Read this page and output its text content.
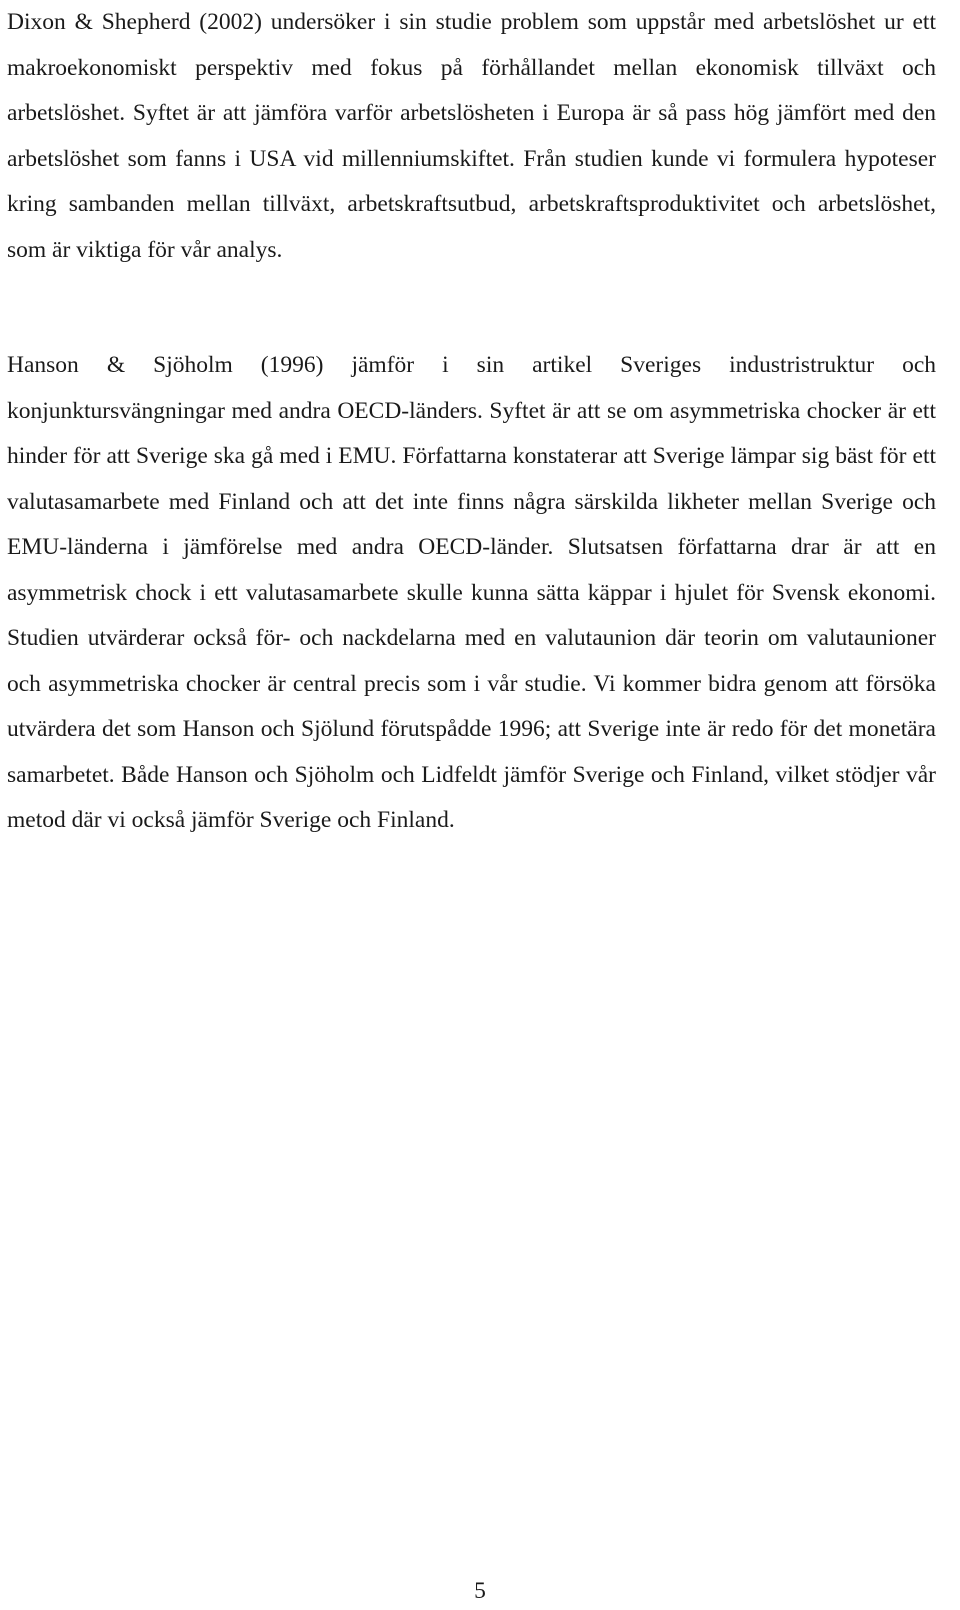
Dixon & Shepherd (2002) undersöker i sin studie problem som uppstår med arbetslöshet ur ett makroekonomiskt perspektiv med fokus på förhållandet mellan ekonomisk tillväxt och arbetslöshet. Syftet är att jämföra varför arbetslösheten i Europa är så pass hög jämfört med den arbetslöshet som fanns i USA vid millenniumskiftet. Från studien kunde vi formulera hypoteser kring sambanden mellan tillväxt, arbetskraftsutbud, arbetskraftsproduktivitet och arbetslöshet, som är viktiga för vår analys.

Hanson & Sjöholm (1996) jämför i sin artikel Sveriges industristruktur och konjunktursvängningar med andra OECD-länders. Syftet är att se om asymmetriska chocker är ett hinder för att Sverige ska gå med i EMU. Författarna konstaterar att Sverige lämpar sig bäst för ett valutasamarbete med Finland och att det inte finns några särskilda likheter mellan Sverige och EMU-länderna i jämförelse med andra OECD-länder. Slutsatsen författarna drar är att en asymmetrisk chock i ett valutasamarbete skulle kunna sätta käppar i hjulet för Svensk ekonomi. Studien utvärderar också för- och nackdelarna med en valutaunion där teorin om valutaunioner och asymmetriska chocker är central precis som i vår studie. Vi kommer bidra genom att försöka utvärdera det som Hanson och Sjölund förutspådde 1996; att Sverige inte är redo för det monetära samarbetet. Både Hanson och Sjöholm och Lidfeldt jämför Sverige och Finland, vilket stödjer vår metod där vi också jämför Sverige och Finland.

5
